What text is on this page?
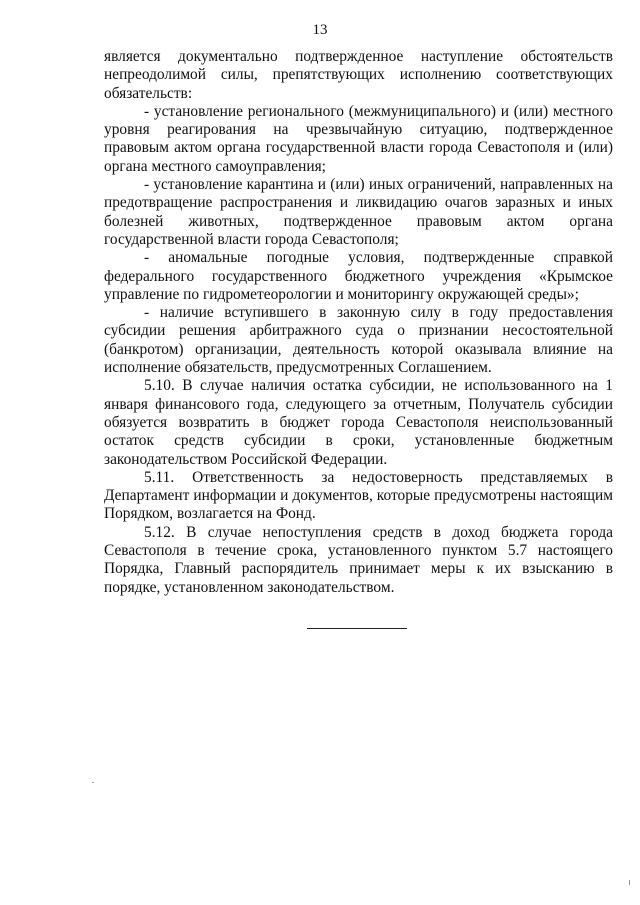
13

является документально подтвержденное наступление обстоятельств непреодолимой силы, препятствующих исполнению соответствующих обязательств:

- установление регионального (межмуниципального) и (или) местного уровня реагирования на чрезвычайную ситуацию, подтвержденное правовым актом органа государственной власти города Севастополя и (или) органа местного самоуправления;

- установление карантина и (или) иных ограничений, направленных на предотвращение распространения и ликвидацию очагов заразных и иных болезней животных, подтвержденное правовым актом органа государственной власти города Севастополя;

- аномальные погодные условия, подтвержденные справкой федерального государственного бюджетного учреждения «Крымское управление по гидрометеорологии и мониторингу окружающей среды»;

- наличие вступившего в законную силу в году предоставления субсидии решения арбитражного суда о признании несостоятельной (банкротом) организации, деятельность которой оказывала влияние на исполнение обязательств, предусмотренных Соглашением.

5.10. В случае наличия остатка субсидии, не использованного на 1 января финансового года, следующего за отчетным, Получатель субсидии обязуется возвратить в бюджет города Севастополя неиспользованный остаток средств субсидии в сроки, установленные бюджетным законодательством Российской Федерации.

5.11. Ответственность за недостоверность представляемых в Департамент информации и документов, которые предусмотрены настоящим Порядком, возлагается на Фонд.

5.12. В случае непоступления средств в доход бюджета города Севастополя в течение срока, установленного пунктом 5.7 настоящего Порядка, Главный распорядитель принимает меры к их взысканию в порядке, установленном законодательством.
